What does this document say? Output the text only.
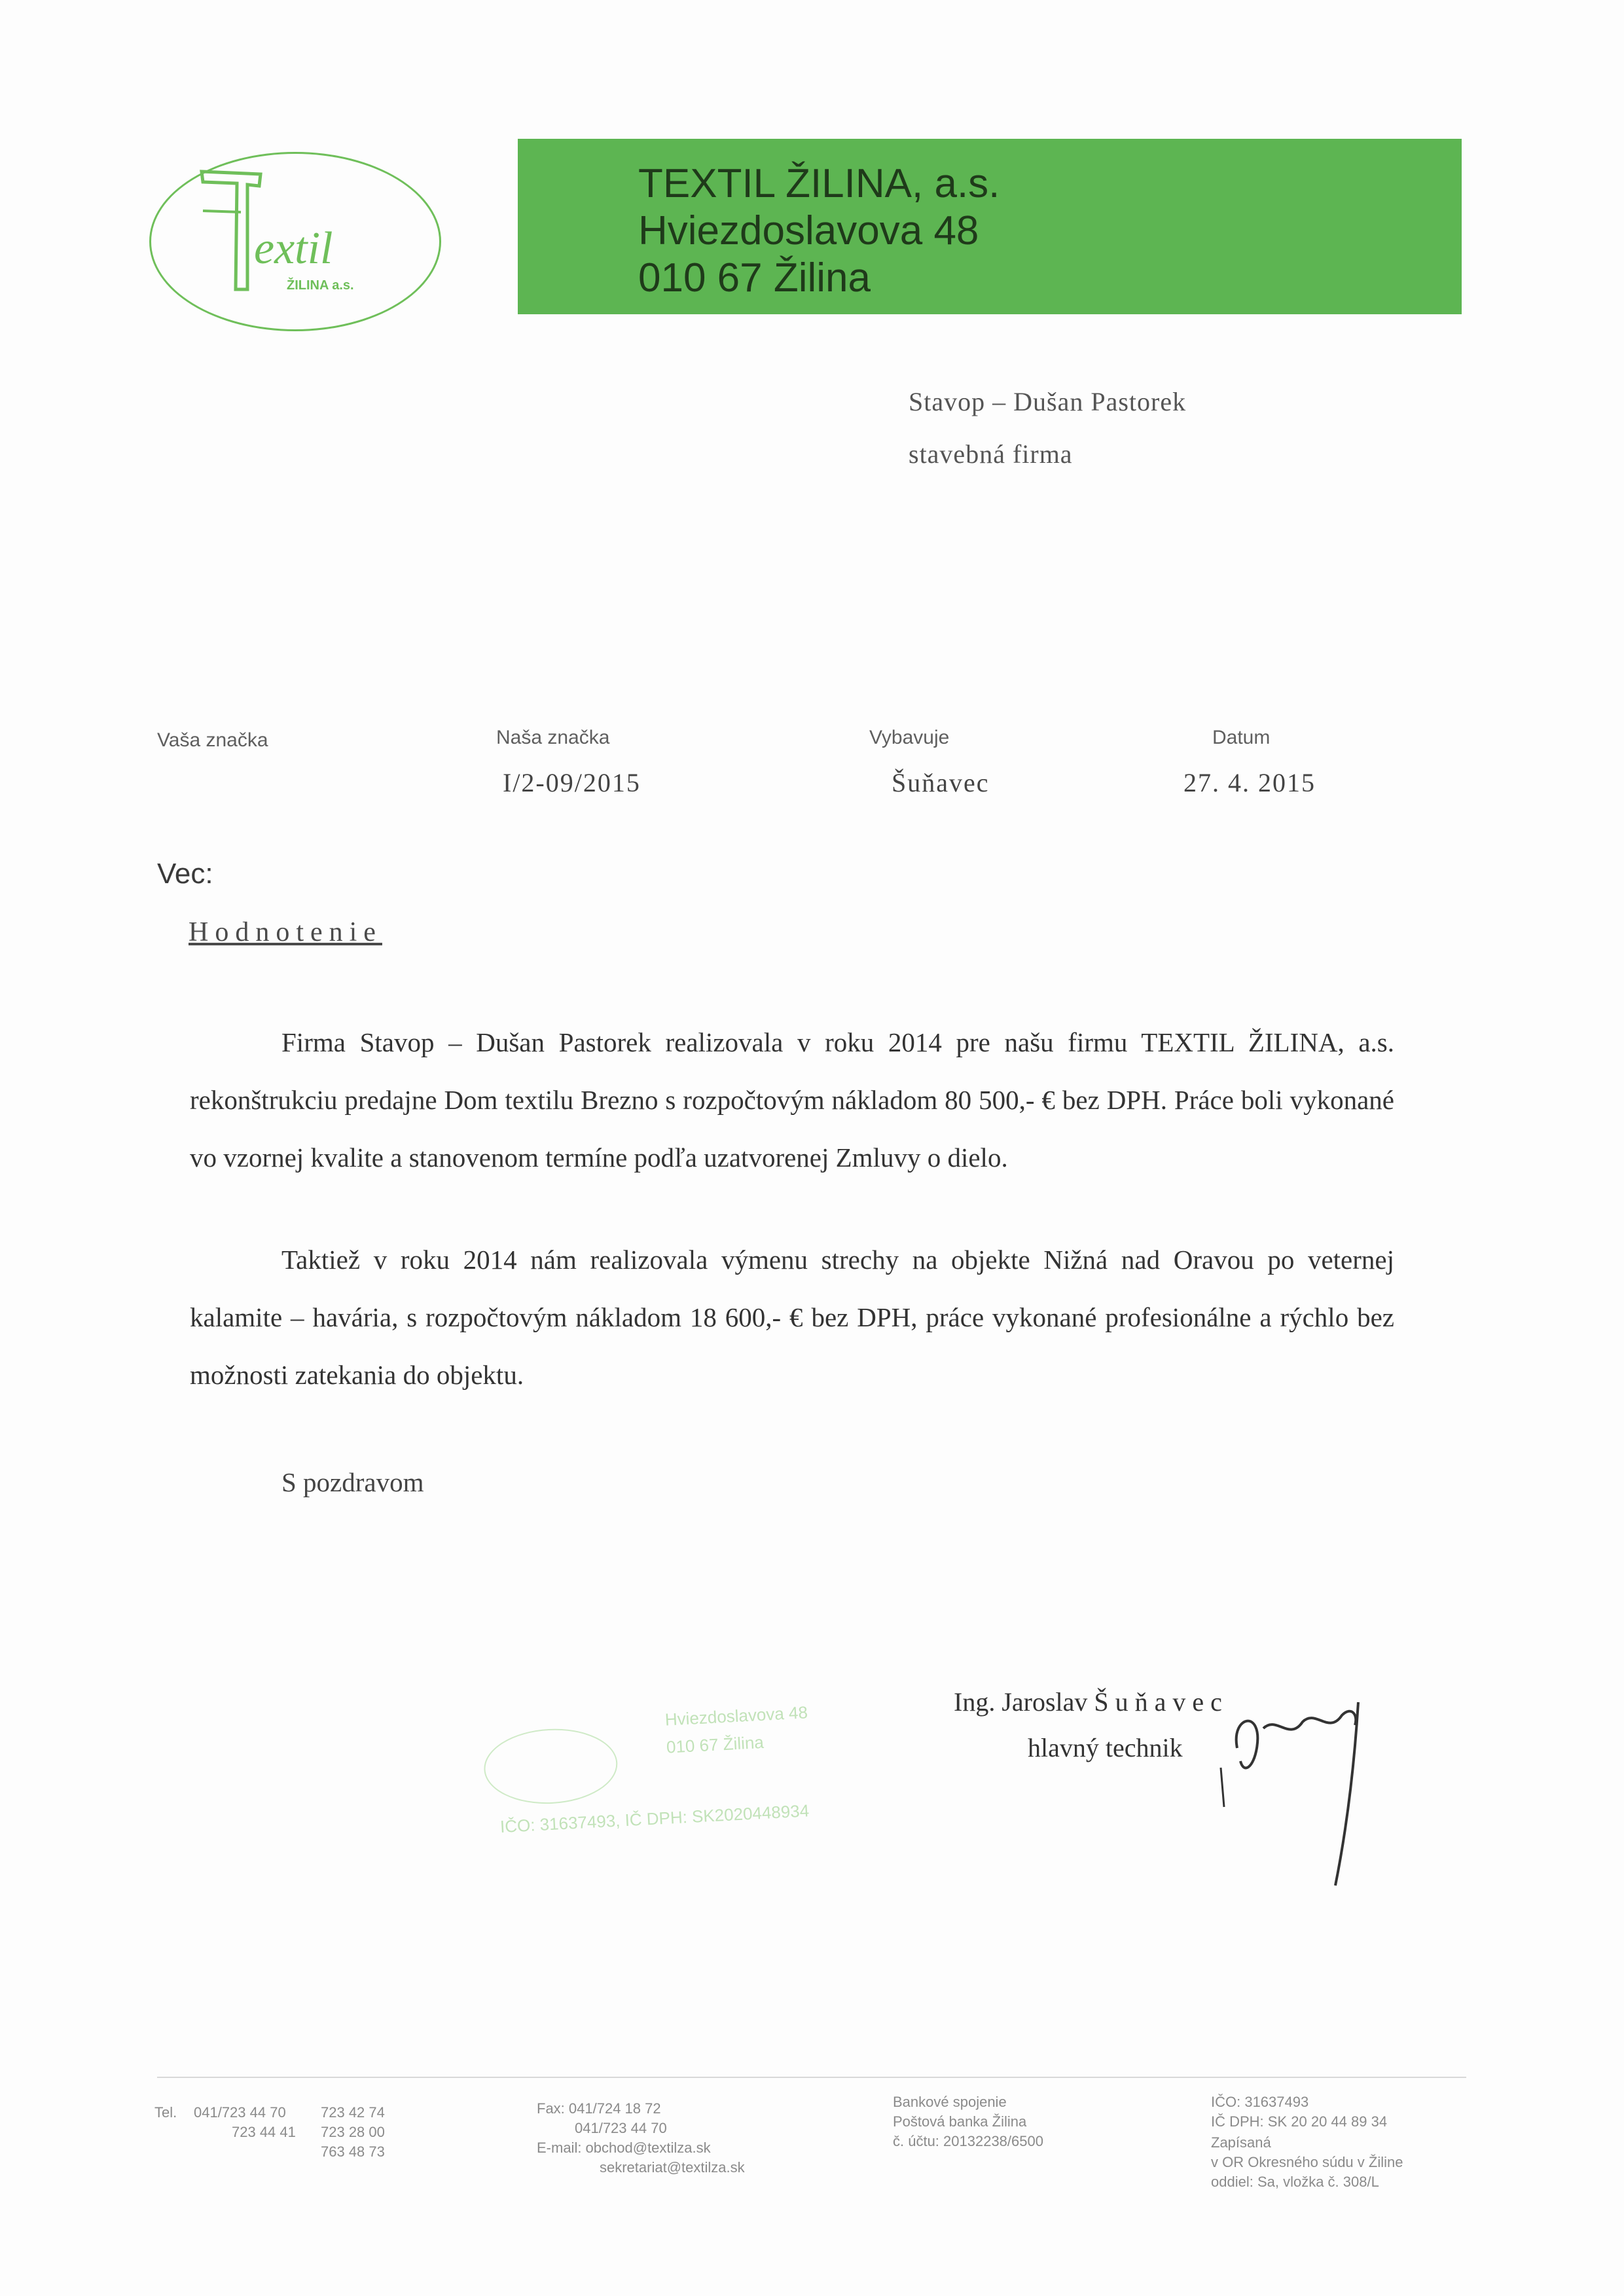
extil
ŽILINA a.s.
TEXTIL ŽILINA, a.s.
Hviezdoslavova 48
010 67 Žilina
Stavop – Dušan Pastorek
stavebná firma
Vaša značka	Naša značka
I/2-09/2015
Vybavuje
Šuňavec
Datum
27. 4. 2015
Vec:
Hodnotenie

Firma Stavop – Dušan Pastorek realizovala v roku 2014 pre našu firmu TEXTIL ŽILINA, a.s. rekonštrukciu predajne Dom textilu Brezno s rozpočtovým nákladom 80 500,- € bez DPH. Práce boli vykonané vo vzornej kvalite a stanovenom termíne podľa uzatvorenej Zmluvy o dielo.

Taktiež v roku 2014 nám realizovala výmenu strechy na objekte Nižná nad Oravou po veternej kalamite – havária, s rozpočtovým nákladom 18 600,- € bez DPH, práce vykonané profesionálne a rýchlo bez možnosti zatekania do objektu.

S pozdravom
Hviezdoslavova 48
010 67 Žilina
IČO: 31637493, IČ DPH: SK2020448934
Ing. Jaroslav Š u ň a v e c
hlavný technik
Tel. 041/723 44 70
723 44 41
723 42 74
723 28 00
763 48 73
Fax: 041/724 18 72
041/723 44 70
E-mail: obchod@textilza.sk
sekretariat@textilza.sk
Bankové spojenie
Poštová banka Žilina
č. účtu: 20132238/6500
IČO: 31637493
IČ DPH: SK 20 20 44 89 34
Zapísaná
v OR Okresného súdu v Žiline
oddiel: Sa, vložka č. 308/L
